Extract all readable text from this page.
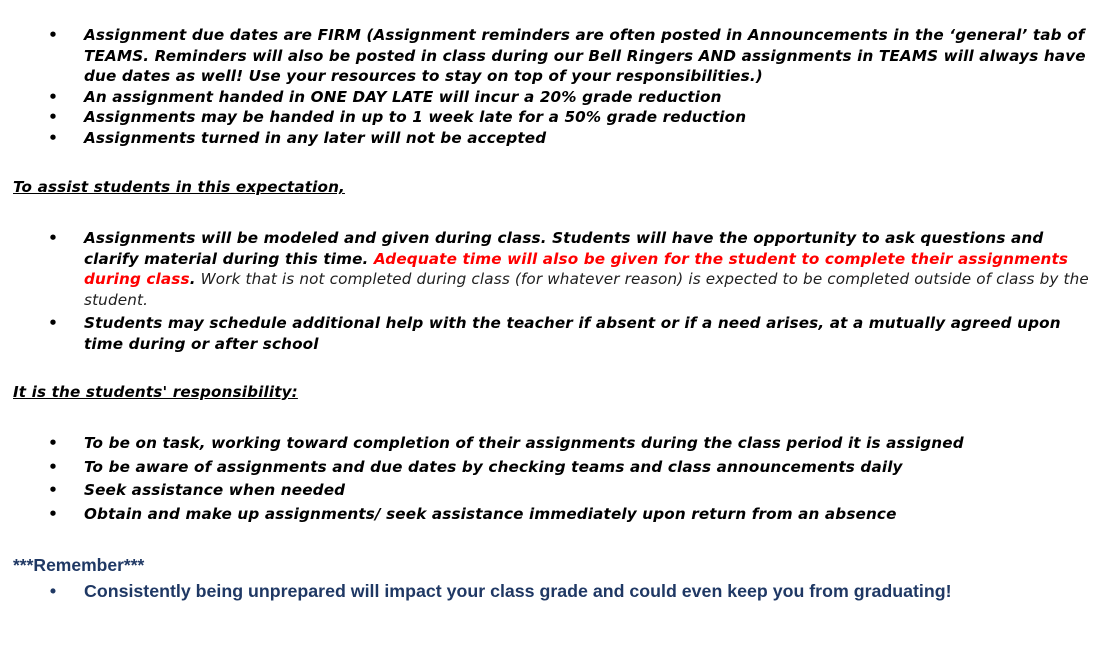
• Assignment due dates are FIRM (Assignment reminders are often posted in Announcements in the ‘general’ tab of TEAMS. Reminders will also be posted in class during our Bell Ringers AND assignments in TEAMS will always have due dates as well! Use your resources to stay on top of your responsibilities.)
• An assignment handed in ONE DAY LATE will incur a 20% grade reduction
• Assignments may be handed in up to 1 week late for a 50% grade reduction
• Assignments turned in any later will not be accepted
To assist students in this expectation,
• Assignments will be modeled and given during class. Students will have the opportunity to ask questions and clarify material during this time. Adequate time will also be given for the student to complete their assignments during class. Work that is not completed during class (for whatever reason) is expected to be completed outside of class by the student.
• Students may schedule additional help with the teacher if absent or if a need arises, at a mutually agreed upon time during or after school
It is the students' responsibility:
• To be on task, working toward completion of their assignments during the class period it is assigned
• To be aware of assignments and due dates by checking teams and class announcements daily
• Seek assistance when needed
• Obtain and make up assignments/ seek assistance immediately upon return from an absence
***Remember***
• Consistently being unprepared will impact your class grade and could even keep you from graduating!
